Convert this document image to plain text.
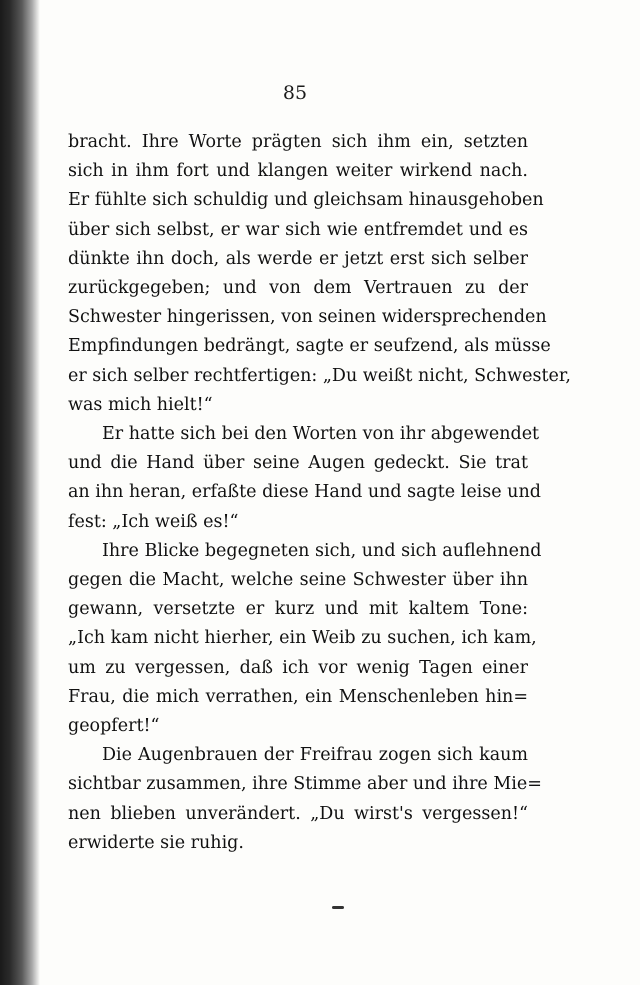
85
bracht. Ihre Worte prägten sich ihm ein, setzten
sich in ihm fort und klangen weiter wirkend nach.
Er fühlte sich schuldig und gleichsam hinausgehoben
über sich selbst, er war sich wie entfremdet und es
dünkte ihn doch, als werde er jetzt erst sich selber
zurückgegeben; und von dem Vertrauen zu der
Schwester hingerissen, von seinen widersprechenden
Empfindungen bedrängt, sagte er seufzend, als müsse
er sich selber rechtfertigen: „Du weißt nicht, Schwester,
was mich hielt!“
Er hatte sich bei den Worten von ihr abgewendet
und die Hand über seine Augen gedeckt. Sie trat
an ihn heran, erfaßte diese Hand und sagte leise und
fest: „Ich weiß es!“
Ihre Blicke begegneten sich, und sich auflehnend
gegen die Macht, welche seine Schwester über ihn
gewann, versetzte er kurz und mit kaltem Tone:
„Ich kam nicht hierher, ein Weib zu suchen, ich kam,
um zu vergessen, daß ich vor wenig Tagen einer
Frau, die mich verrathen, ein Menschenleben hin=
geopfert!“
Die Augenbrauen der Freifrau zogen sich kaum
sichtbar zusammen, ihre Stimme aber und ihre Mie=
nen blieben unverändert. „Du wirst's vergessen!“
erwiderte sie ruhig.
